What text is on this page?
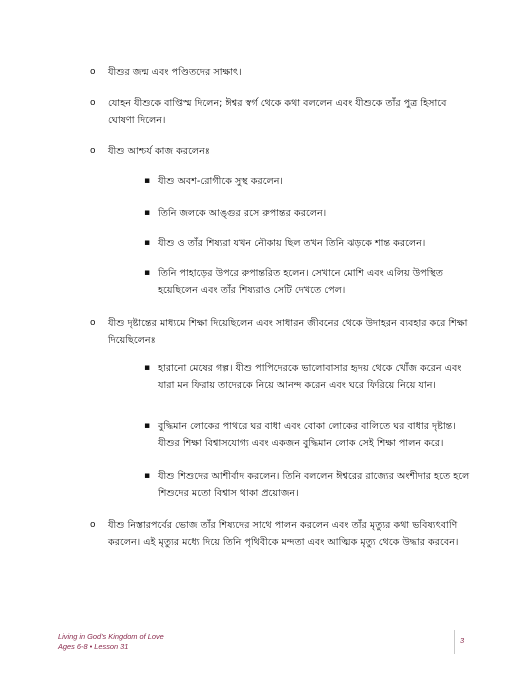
o যীশুর জন্ম এবং পণ্ডিতদের সাক্ষাৎ।
o যোহন যীশুকে বাপ্তিস্ম দিলেন; ঈশ্বর স্বর্গ থেকে কথা বললেন এবং যীশুকে তাঁর পুত্র হিসাবে ঘোষণা দিলেন।
o যীশু আশ্চর্য কাজ করলেনঃ
▪ যীশু অবশ-রোগীকে সুস্থ করলেন।
▪ তিনি জলকে আঙ্গুর রসে রুপান্তর করলেন।
▪ যীশু ও তাঁর শিষ্যরা যখন নৌকায় ছিল তখন তিনি ঝড়কে শান্ত করলেন।
▪ তিনি পাহাড়ের উপরে রুপান্তরিত হলেন। সেখানে মোশি এবং এলিয় উপস্থিত হয়েছিলেন এবং তাঁর শিষ্যরাও সেটি দেখতে পেল।
o যীশু দৃষ্টান্তের মাধ্যমে শিক্ষা দিয়েছিলেন এবং সাধারন জীবনের থেকে উদাহরন ব্যবহার করে শিক্ষা দিয়েছিলেনঃ
▪ হারানো মেষের গল্প। যীশু পাপিদেরকে ভালোবাসার হৃদয় থেকে খোঁজ করেন এবং যারা মন ফিরায় তাদেরকে নিয়ে আনন্দ করেন এবং ঘরে ফিরিয়ে নিয়ে যান।
▪ বুদ্ধিমান লোকের পাথরে ঘর বাধা এবং বোকা লোকের বালিতে ঘর বাধার দৃষ্টান্ত। যীশুর শিক্ষা বিশ্বাসযোগ্য এবং একজন বুদ্ধিমান লোক সেই শিক্ষা পালন করে।
▪ যীশু শিশুদের আশীর্বাদ করলেন। তিনি বললেন ঈশ্বরের রাজ্যের অংশীদার হতে হলে শিশুদের মতো বিশ্বাস থাকা প্রয়োজন।
o যীশু নিস্তারপর্বের ভোজ তাঁর শিষ্যদের সাথে পালন করলেন এবং তাঁর মৃত্যুর কথা ভবিষ্যৎবাণি করলেন। এই মৃত্যুর মধ্যে দিয়ে তিনি পৃথিবীকে মন্দতা এবং আত্মিক মৃত্যু থেকে উদ্ধার করবেন।
Living in God's Kingdom of Love
Ages 6-8 • Lesson 31
3
